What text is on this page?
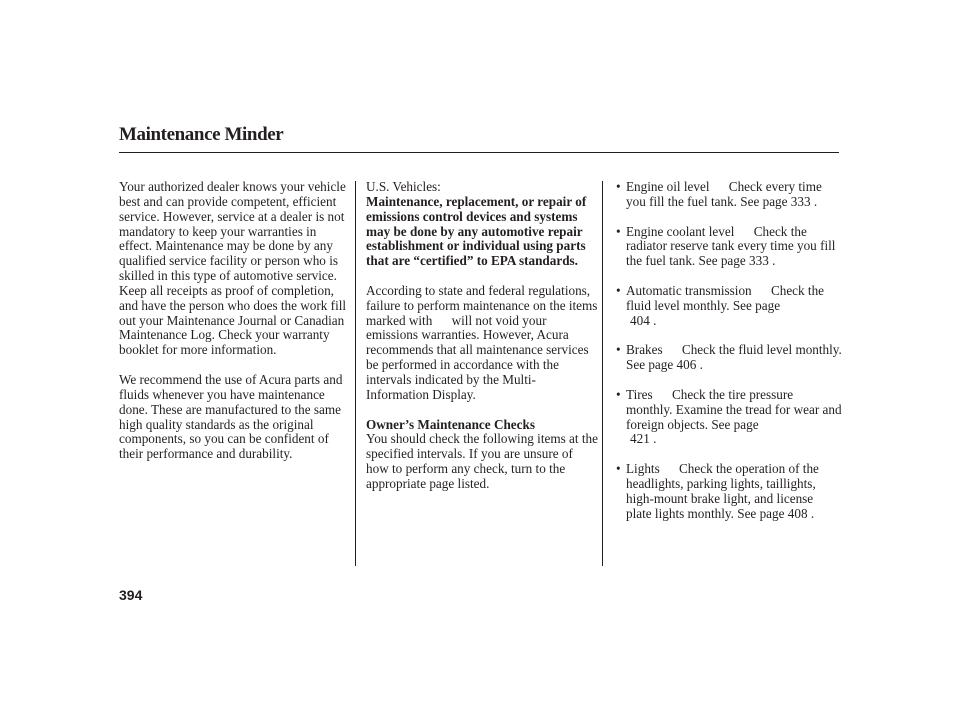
Maintenance Minder

Your authorized dealer knows your vehicle best and can provide competent, efficient service. However, service at a dealer is not mandatory to keep your warranties in effect. Maintenance may be done by any qualified service facility or person who is skilled in this type of automotive service. Keep all receipts as proof of completion, and have the person who does the work fill out your Maintenance Journal or Canadian Maintenance Log. Check your warranty booklet for more information.

We recommend the use of Acura parts and fluids whenever you have maintenance done. These are manufactured to the same high quality standards as the original components, so you can be confident of their performance and durability.

U.S. Vehicles:
Maintenance, replacement, or repair of emissions control devices and systems may be done by any automotive repair establishment or individual using parts that are “certified” to EPA standards.

According to state and federal regulations, failure to perform maintenance on the items marked with will not void your emissions warranties. However, Acura recommends that all maintenance services be performed in accordance with the intervals indicated by the Multi-Information Display.

Owner’s Maintenance Checks
You should check the following items at the specified intervals. If you are unsure of how to perform any check, turn to the appropriate page listed.

• Engine oil level Check every time you fill the fuel tank. See page 333 .
• Engine coolant level Check the radiator reserve tank every time you fill the fuel tank. See page 333 .
• Automatic transmission Check the fluid level monthly. See page
404 .
• Brakes Check the fluid level monthly. See page 406 .
• Tires Check the tire pressure monthly. Examine the tread for wear and foreign objects. See page
421 .
• Lights Check the operation of the headlights, parking lights, taillights, high-mount brake light, and license plate lights monthly. See page 408 .
394
